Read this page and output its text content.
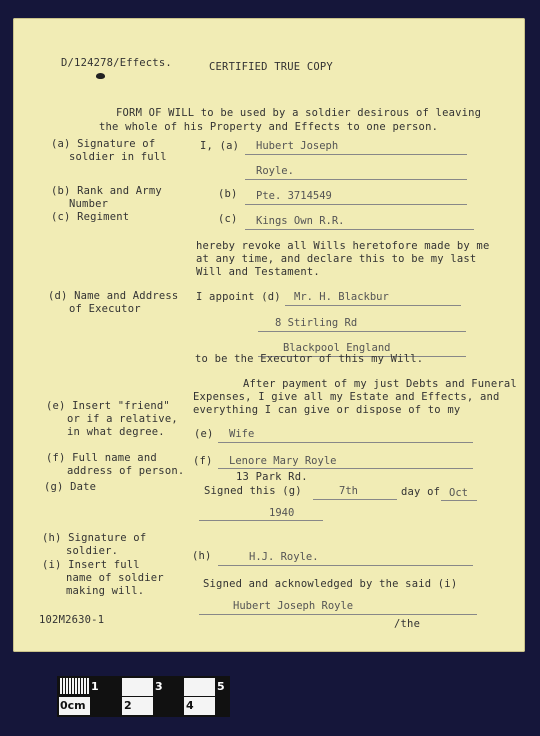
D/124278/Effects.	CERTIFIED TRUE COPY
FORM OF WILL to be used by a soldier desirous of leaving
the whole of his Property and Effects to one person.
(a) Signature of
soldier in full
(b) Rank and Army
Number
(c) Regiment
(d) Name and Address
of Executor
(e) Insert "friend"
or if a relative,
in what degree.
(f) Full name and
address of person.
(g) Date
(h) Signature of
soldier.
(i) Insert full
name of soldier
making will.
I, (a) Hubert Joseph
Royle.
(b) Pte. 3714549
(c) Kings Own R.R.
hereby revoke all Wills heretofore made by me
at any time, and declare this to be my last
Will and Testament.
I appoint (d) Mr. H. Blackbur
8 Stirling Rd
Blackpool England
to be the Executor of this my Will.
After payment of my just Debts and Funeral
Expenses, I give all my Estate and Effects, and
everything I can give or dispose of to my
(e) Wife
(f) Lenore Mary Royle
13 Park Rd.
Signed this (g)	7th	day of Oct
1940
(h)	H.J. Royle.
Signed and acknowledged by the said (i)
Hubert Joseph Royle
102M2630-1	/the
1	3	5
0cm	2	4
